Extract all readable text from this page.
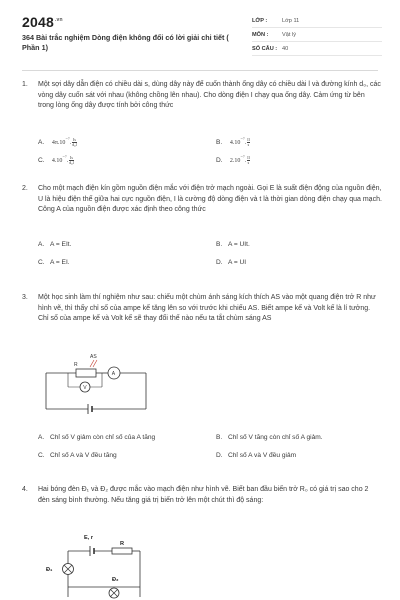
$2048^{.vn}$
364 Bài trắc nghiệm Dòng điện không đổi có lời giải chi tiết ( Phần 1)
LỚP :	Lớp 11
MÔN :	Vật lý
SỐ CÂU : 40
1.	Một sợi dây dẫn điện có chiều dài s, dùng dây này để cuốn thành ống dây có chiều dài l và đường kính d₀, các vòng dây cuốn sát với nhau (không chồng lên nhau). Cho dòng điện I chạy qua ống dây. Cảm ứng từ bên trong lòng ống dây được tính bởi công thức
A. $4\pi.10^{^{-7}}$. $\frac{Is}{\text{d₀l}}$	B. $4.10^{^{-7}}$. $\frac{Il}{s}$
C. $4.10^{^{-7}}$. $\frac{Is}{\text{d₀l}}$	D. $2.10^{^{-7}}$. $\frac{Il}{s}$
2.	Cho một mạch điện kín gồm nguồn điện mắc với điện trở mạch ngoài. Gọi E là suất điện động của nguồn điện, U là hiệu điện thế giữa hai cực nguồn điện, I là cường độ dòng điện và t là thời gian dòng điện chạy qua mạch. Công A của nguồn điện được xác định theo công thức
A. A = EIt.	B. A = UIt.
C. A = EI.	D. A = UI
3.	Một học sinh làm thí nghiệm như sau: chiếu một chùm ánh sáng kích thích AS vào một quang điện trở R như hình vẽ, thì thấy chỉ số của ampe kế tăng lên so với trước khi chiếu AS. Biết ampe kế và Volt kế là lí tưởng. Chỉ số của ampe kế và Volt kế sẽ thay đổi thế nào nếu ta tắt chùm sáng AS
AS
R
A
V
A. Chỉ số V giảm còn chỉ số của A tăng	B. Chỉ số V tăng còn chỉ số A giảm.
C. Chỉ số A và V đều tăng	D. Chỉ số A và V đều giảm
4.	Hai bóng đèn Đ₁ và Đ₂ được mắc vào mạch điện như hình vẽ. Biết ban đầu biến trở R₀ có giá trị sao cho 2 đèn sáng bình thường. Nếu tăng giá trị biến trở lên một chút thì độ sáng:
E, r
R
Đ₁
Đ₂
